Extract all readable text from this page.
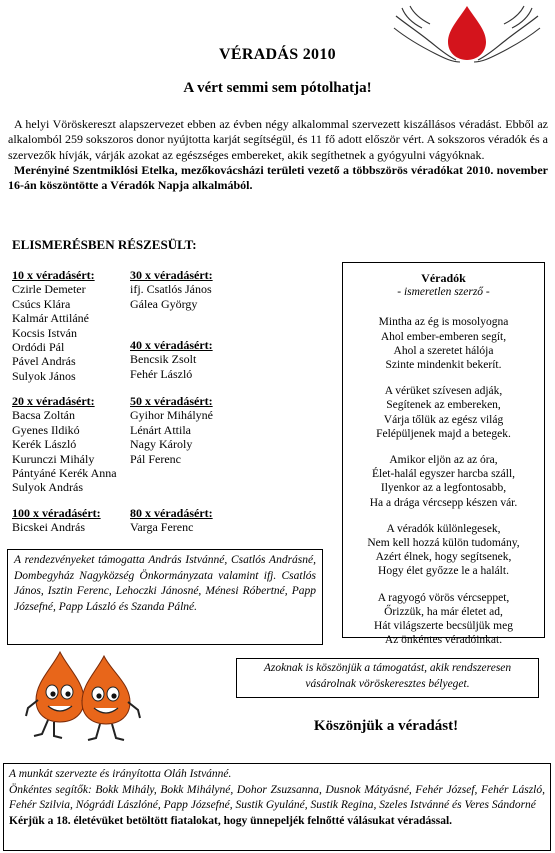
VÉRADÁS 2010
A vért semmi sem pótolhatja!

A helyi Vöröskereszt alapszervezet ebben az évben négy alkalommal szervezett kiszállásos véradást. Ebből az alkalomból 259 sokszoros donor nyújtotta karját segítségül, és 11 fő adott először vért. A sokszoros véradók és a szervezők hívják, várják azokat az egészséges embereket, akik segíthetnek a gyógyulni vágyóknak.

Merényiné Szentmiklósi Etelka, mezőkovácsházi területi vezető a többszörös véradókat 2010. november 16-án köszöntötte a Véradók Napja alkalmából.

ELISMERÉSBEN RÉSZESÜLT:
10 x véradásért:
Czirle Demeter
Csúcs Klára
Kalmár Attiláné
Kocsis István
Ordódi Pál
Pável András
Sulyok János
20 x véradásért:
Bacsa Zoltán
Gyenes Ildikó
Kerék László
Kurunczi Mihály
Pántyáné Kerék Anna
Sulyok András
100 x véradásért:
Bicskei András
30 x véradásért:
ifj. Csatlós János
Gálea György
40 x véradásért:
Bencsik Zsolt
Fehér László
50 x véradásért:
Gyihor Mihályné
Lénárt Attila
Nagy Károly
Pál Ferenc
80 x véradásért:
Varga Ferenc
Véradók
- ismeretlen szerző -
Mintha az ég is mosolyogna
Ahol ember-emberen segít,
Ahol a szeretet hálója
Szinte mindenkit bekerít.
A vérüket szívesen adják,
Segítenek az embereken,
Várja tőlük az egész világ
Felépüljenek majd a betegek.
Amikor eljön az az óra,
Élet-halál egyszer harcba száll,
Ilyenkor az a legfontosabb,
Ha a drága vércsepp készen vár.
A véradók különlegesek,
Nem kell hozzá külön tudomány,
Azért élnek, hogy segítsenek,
Hogy élet győzze le a halált.
A ragyogó vörös vércseppet,
Őrizzük, ha már életet ad,
Hát világszerte becsüljük meg
Az önkéntes véradóinkat.
A rendezvényeket támogatta András Istvánné, Csatlós Andrásné, Dombegyház Nagyközség Önkormányzata valamint ifj. Csatlós János, Isztin Ferenc, Lehoczki Jánosné, Ménesi Róbertné, Papp Józsefné, Papp László és Szanda Pálné.
Azoknak is köszönjük a támogatást, akik rendszeresen vásárolnak vöröskeresztes bélyeget.
Köszönjük a véradást!
A munkát szervezte és irányította Oláh Istvánné.
Önkéntes segítők: Bokk Mihály, Bokk Mihályné, Dohor Zsuzsanna, Dusnok Mátyásné, Fehér József, Fehér László, Fehér Szilvia, Nógrádi Lászlóné, Papp Józsefné, Sustik Gyuláné, Sustik Regina, Szeles Istvánné és Veres Sándorné
Kérjük a 18. életévüket betöltött fiatalokat, hogy ünnepeljék felnőtté válásukat véradással.
